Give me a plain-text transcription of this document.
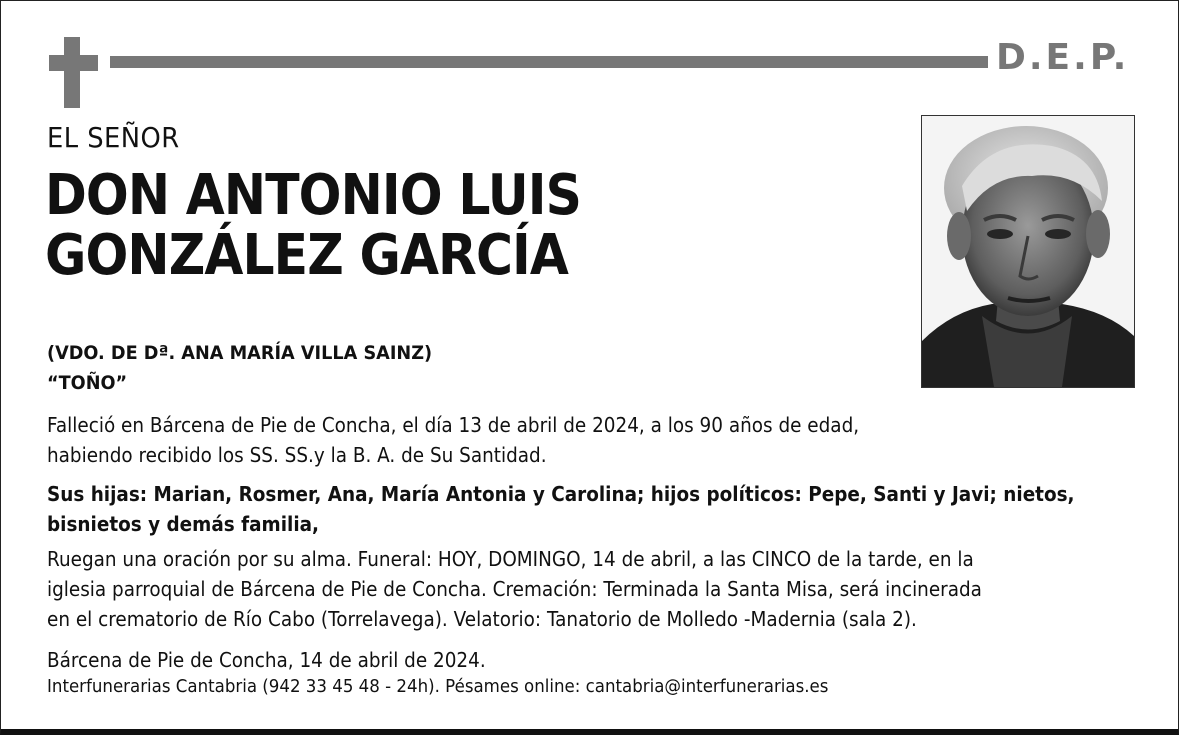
D.E.P.
EL SEÑOR
DON ANTONIO LUIS
GONZÁLEZ GARCÍA
(VDO. DE Dª. ANA MARÍA VILLA SAINZ)
“TOÑO”
Falleció en Bárcena de Pie de Concha, el día 13 de abril de 2024, a los 90 años de edad,
habiendo recibido los SS. SS.y la B. A. de Su Santidad.
Sus hijas: Marian, Rosmer, Ana, María Antonia y Carolina; hijos políticos: Pepe, Santi y Javi; nietos,
bisnietos y demás familia,
Ruegan una oración por su alma. Funeral: HOY, DOMINGO, 14 de abril, a las CINCO de la tarde, en la
iglesia parroquial de Bárcena de Pie de Concha. Cremación: Terminada la Santa Misa, será incinerada
en el crematorio de Río Cabo (Torrelavega). Velatorio: Tanatorio de Molledo -Madernia (sala 2).
Bárcena de Pie de Concha, 14 de abril de 2024.
Interfunerarias Cantabria (942 33 45 48 - 24h). Pésames online: cantabria@interfunerarias.es
